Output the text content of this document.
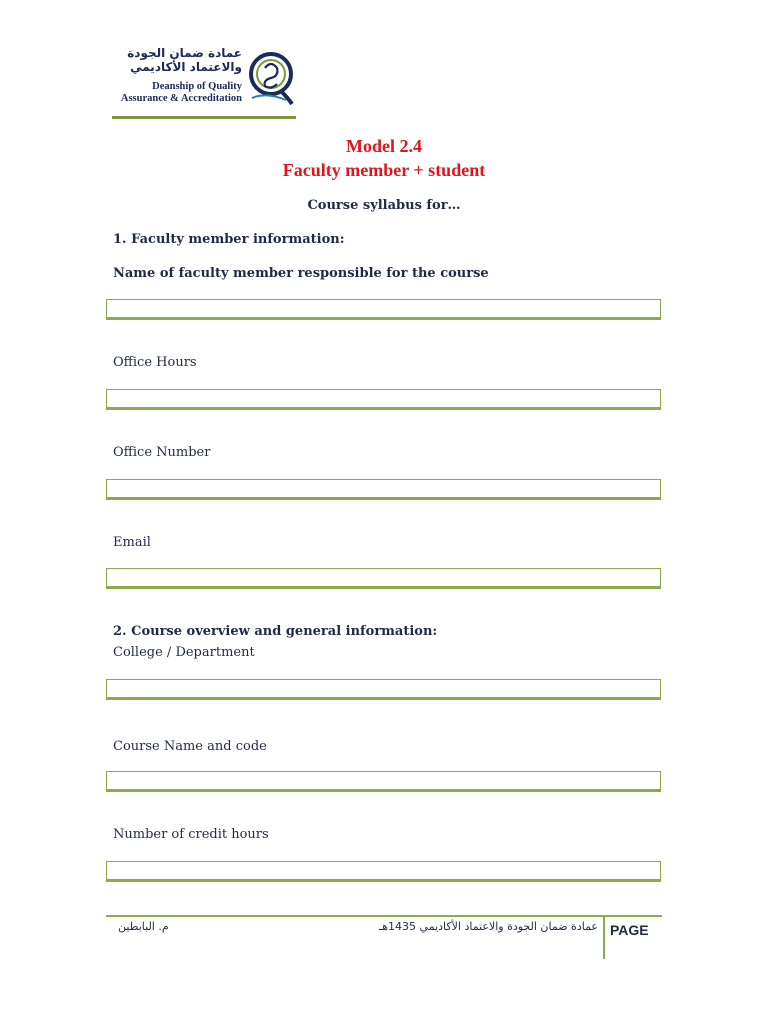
عمادة ضمان الجودة
والاعتماد الأكاديمي
Deanship of Quality
Assurance & Accreditation
Model 2.4
Faculty member + student
Course syllabus for…
1. Faculty member information:
Name of faculty member responsible for the course
Office Hours
Office Number
Email
2. Course overview and general information:
College / Department
Course Name and code
Number of credit hours
م. البابطين	عمادة ضمان الجودة والاعتماد الأكاديمي 1435هـ PAGE
